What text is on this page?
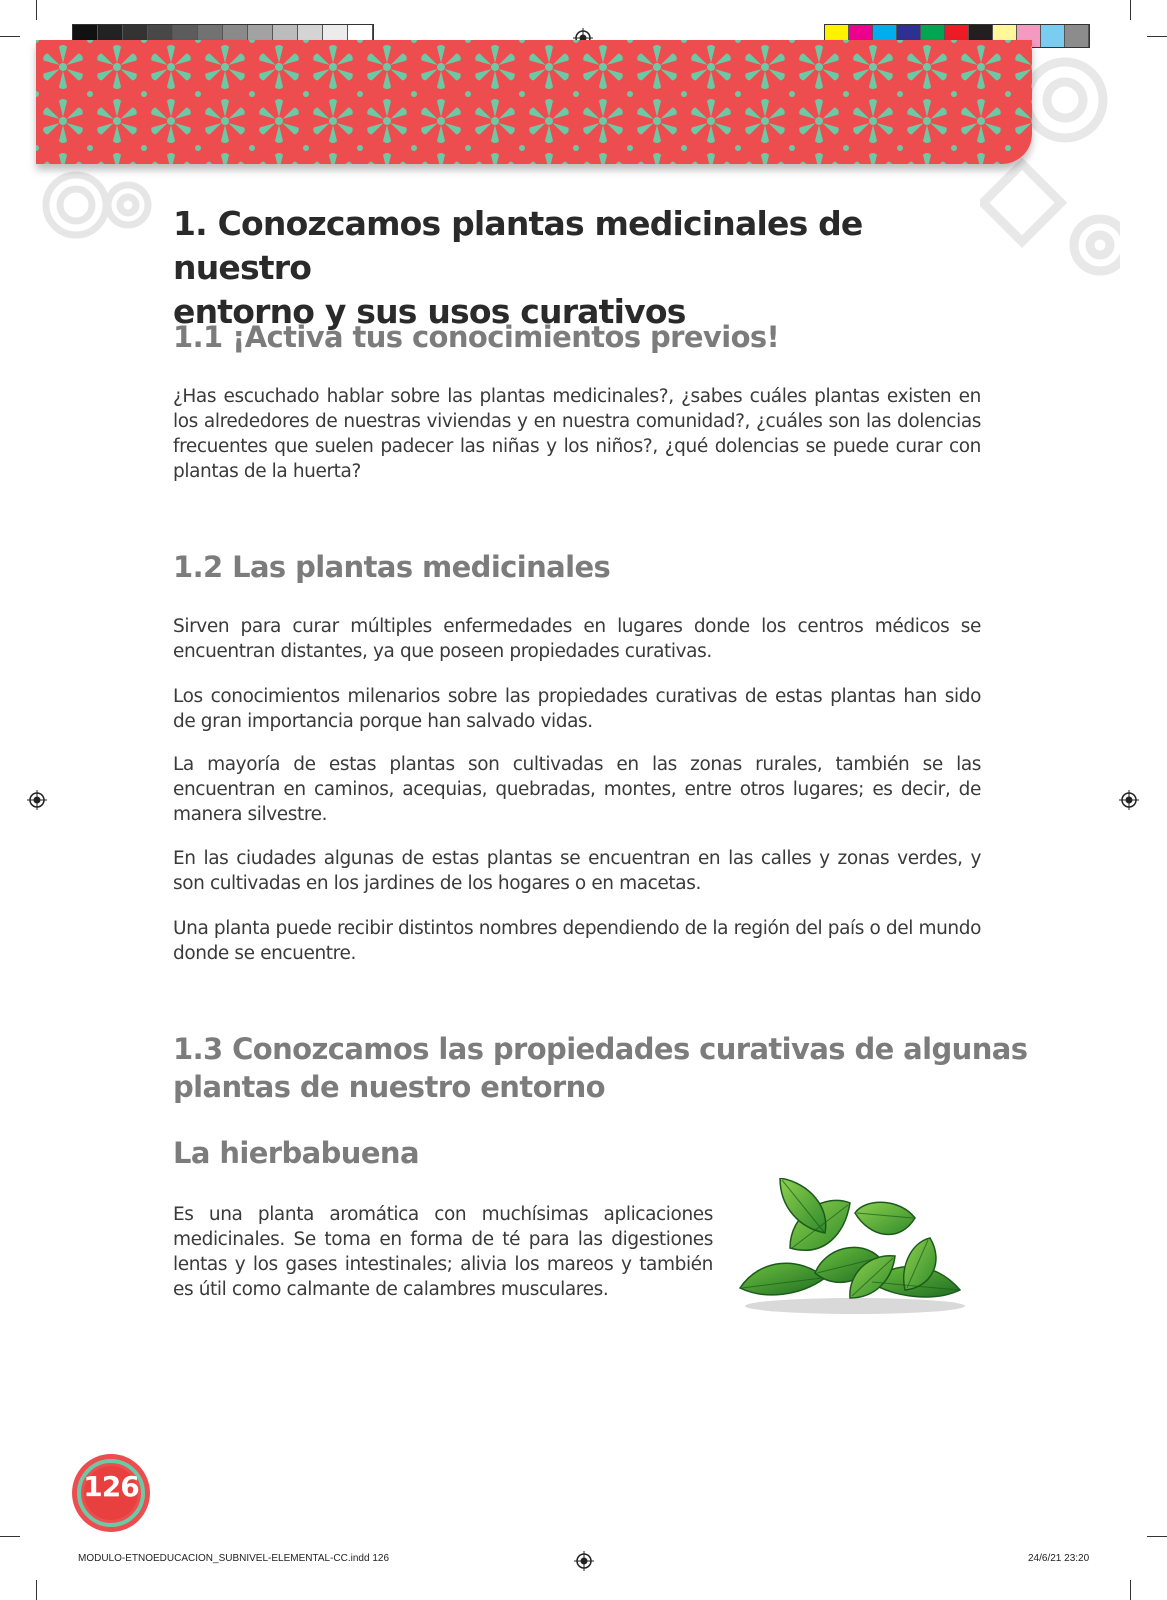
1. Conozcamos plantas medicinales de nuestro
entorno y sus usos curativos
1.1 ¡Activa tus conocimientos previos!
¿Has escuchado hablar sobre las plantas medicinales?, ¿sabes cuáles plantas existen en los alrededores de nuestras viviendas y en nuestra comunidad?, ¿cuáles son las dolencias frecuentes que suelen padecer las niñas y los niños?, ¿qué dolencias se puede curar con plantas de la huerta?
1.2 Las plantas medicinales
Sirven para curar múltiples enfermedades en lugares donde los centros médicos se encuentran distantes, ya que poseen propiedades curativas.
Los conocimientos milenarios sobre las propiedades curativas de estas plantas han sido de gran importancia porque han salvado vidas.
La mayoría de estas plantas son cultivadas en las zonas rurales, también se las encuentran en caminos, acequias, quebradas, montes, entre otros lugares; es decir, de manera silvestre.
En las ciudades algunas de estas plantas se encuentran en las calles y zonas verdes, y son cultivadas en los jardines de los hogares o en macetas.
Una planta puede recibir distintos nombres dependiendo de la región del país o del mundo donde se encuentre.
1.3 Conozcamos las propiedades curativas de algunas
plantas de nuestro entorno
La hierbabuena
Es una planta aromática con muchísimas aplicaciones medicinales. Se toma en forma de té para las digestiones lentas y los gases intestinales; alivia los mareos y también es útil como calmante de calambres musculares.
126
MODULO-ETNOEDUCACION_SUBNIVEL-ELEMENTAL-CC.indd 126	24/6/21 23:20
